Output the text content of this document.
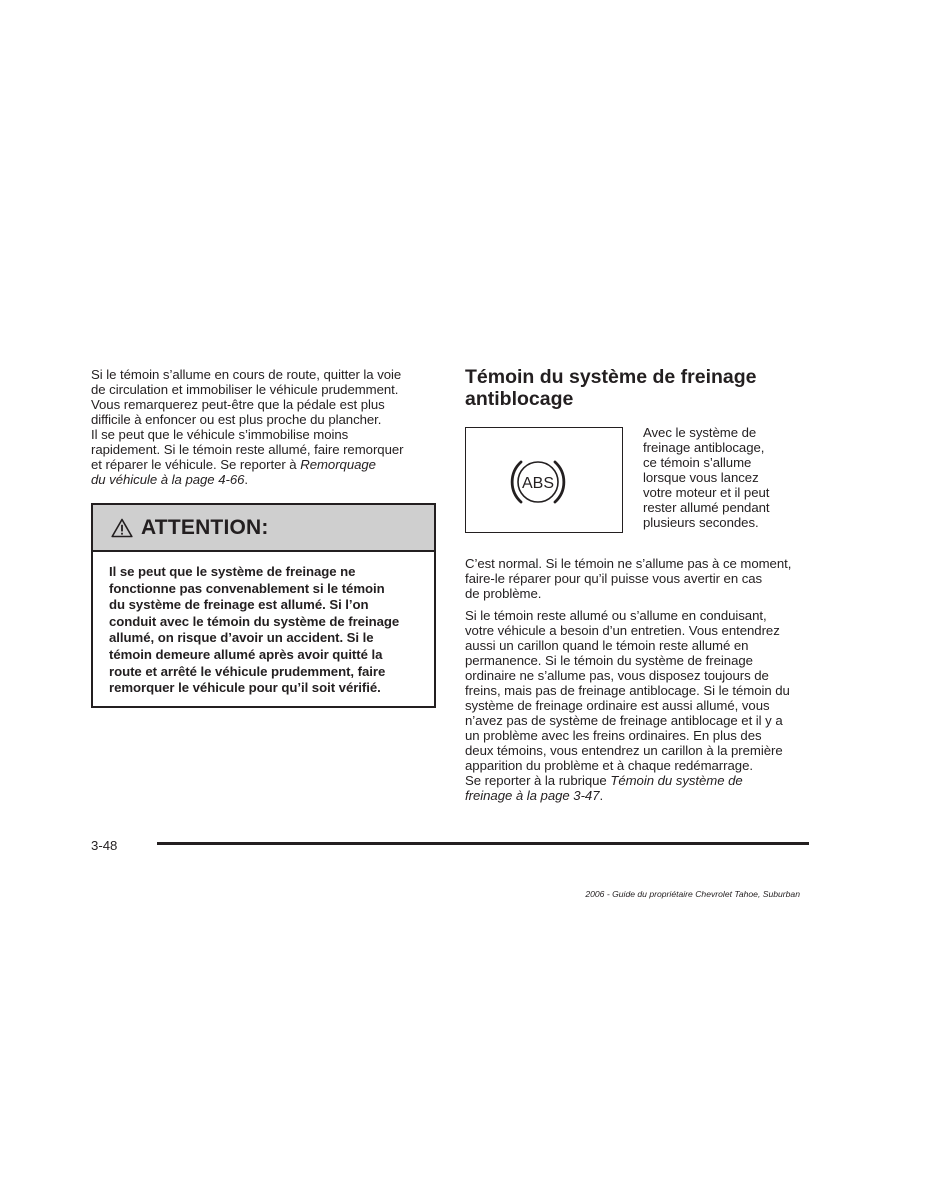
Si le témoin s’allume en cours de route, quitter la voie
de circulation et immobiliser le véhicule prudemment.
Vous remarquerez peut-être que la pédale est plus
difficile à enfoncer ou est plus proche du plancher.
Il se peut que le véhicule s’immobilise moins
rapidement. Si le témoin reste allumé, faire remorquer
et réparer le véhicule. Se reporter à Remorquage
du véhicule à la page 4-66.

ATTENTION:

Il se peut que le système de freinage ne
fonctionne pas convenablement si le témoin
du système de freinage est allumé. Si l’on
conduit avec le témoin du système de freinage
allumé, on risque d’avoir un accident. Si le
témoin demeure allumé après avoir quitté la
route et arrêté le véhicule prudemment, faire
remorquer le véhicule pour qu’il soit vérifié.

Témoin du système de freinage
antiblocage
ABS

Avec le système de
freinage antiblocage,
ce témoin s’allume
lorsque vous lancez
votre moteur et il peut
rester allumé pendant
plusieurs secondes.

C’est normal. Si le témoin ne s’allume pas à ce moment,
faire-le réparer pour qu’il puisse vous avertir en cas
de problème.

Si le témoin reste allumé ou s’allume en conduisant,
votre véhicule a besoin d’un entretien. Vous entendrez
aussi un carillon quand le témoin reste allumé en
permanence. Si le témoin du système de freinage
ordinaire ne s’allume pas, vous disposez toujours de
freins, mais pas de freinage antiblocage. Si le témoin du
système de freinage ordinaire est aussi allumé, vous
n’avez pas de système de freinage antiblocage et il y a
un problème avec les freins ordinaires. En plus des
deux témoins, vous entendrez un carillon à la première
apparition du problème et à chaque redémarrage.
Se reporter à la rubrique Témoin du système de
freinage à la page 3-47.

3-48
2006 - Guide du propriétaire Chevrolet Tahoe, Suburban
